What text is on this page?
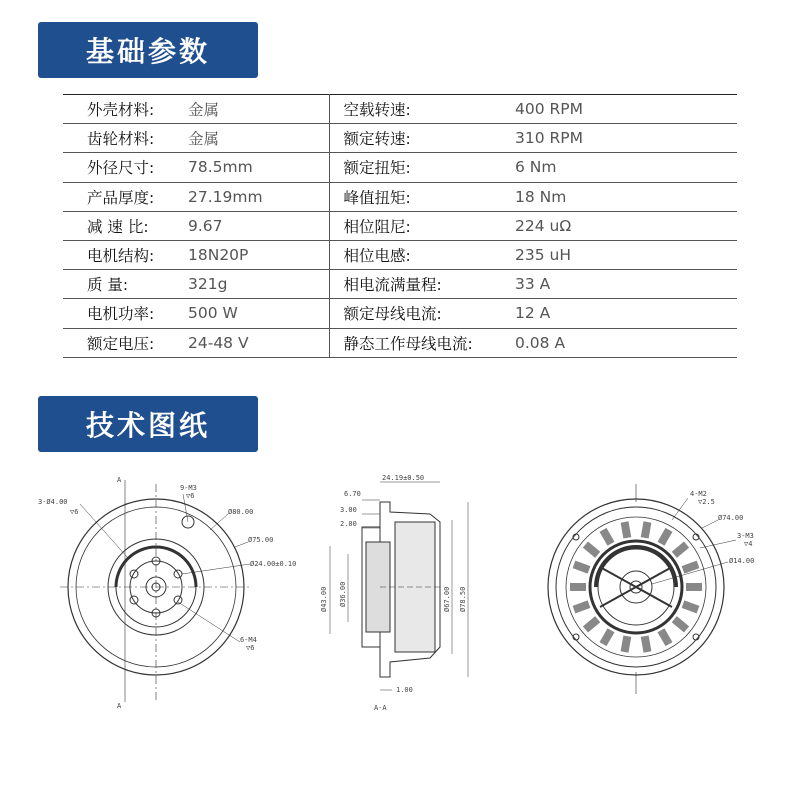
基础参数
外壳材料:	金属	空载转速:	400 RPM
齿轮材料:	金属	额定转速:	310 RPM
外径尺寸:	78.5mm	额定扭矩:	6 Nm
产品厚度:	27.19mm	峰值扭矩:	18 Nm
减 速 比:	9.67	相位阻尼:	224 uΩ
电机结构:	18N20P	相位电感:	235 uH
质 量:	321g	相电流满量程:	33 A
电机功率:	500 W	额定母线电流:	12 A
额定电压:	24-48 V	静态工作母线电流:	0.08 A
技术图纸
A
A
3-Ø4.00
▽6
9-M3
▽6
Ø80.00
Ø75.00
Ø24.00±0.10
6-M4
▽6
24.19±0.50
6.70
3.00
2.00
Ø43.00 Ø36.00	Ø67.00 Ø78.50
1.00
A-A
4-M2
▽2.5
Ø74.00
3-M3
▽4
Ø14.00
